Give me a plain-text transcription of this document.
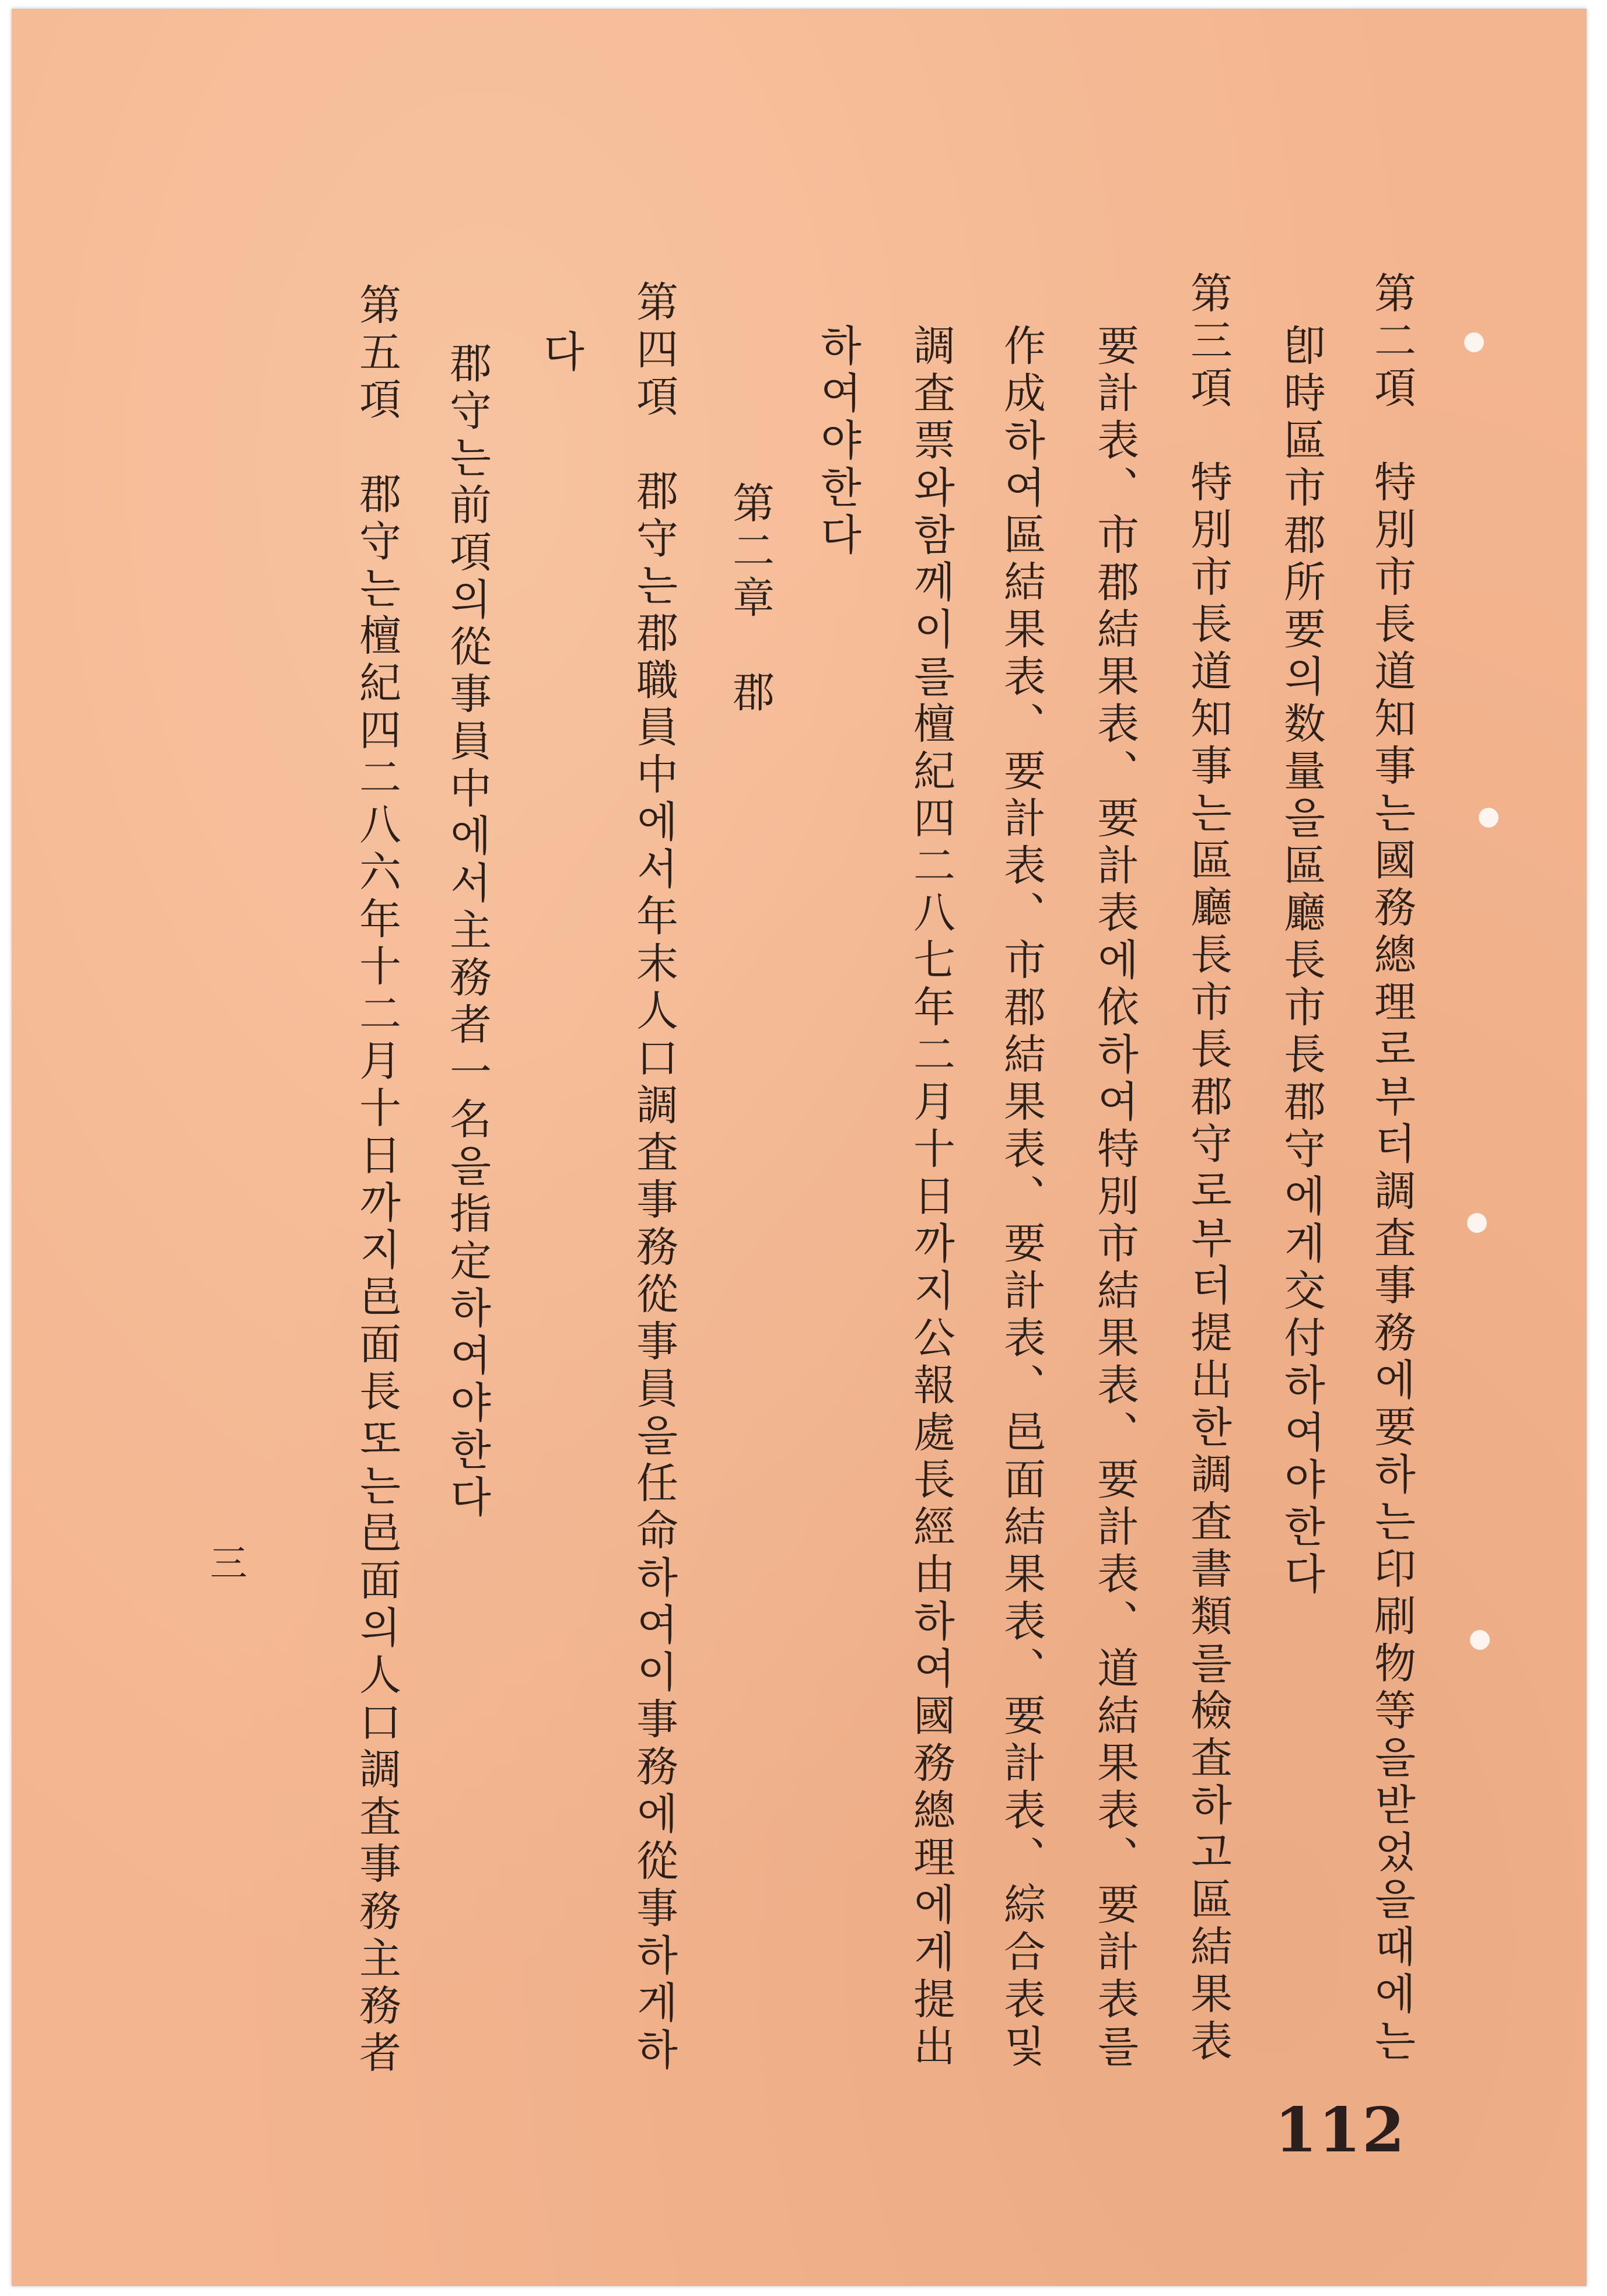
第二項　特別市長道知事는國務總理로부터調査事務에要하는印刷物等을받었을때에는
卽時區市郡所要의数量을區廳長市長郡守에게交付하여야한다
第三項　特別市長道知事는區廳長市長郡守로부터提出한調査書類를檢査하고區結果表
要計表、市郡結果表、要計表에依하여特別市結果表、要計表、道結果表、要計表를
作成하여區結果表、要計表、市郡結果表、要計表、邑面結果表、要計表、綜合表및
調査票와함께이를檀紀四二八七年二月十日까지公報處長經由하여國務總理에게提出
하여야한다
第二章　郡
第四項　郡守는郡職員中에서年末人口調査事務從事員을任命하여이事務에從事하게하
다
郡守는前項의從事員中에서主務者一名을指定하여야한다
第五項　郡守는檀紀四二八六年十二月十日까지邑面長또는邑面의人口調査事務主務者
三
112
